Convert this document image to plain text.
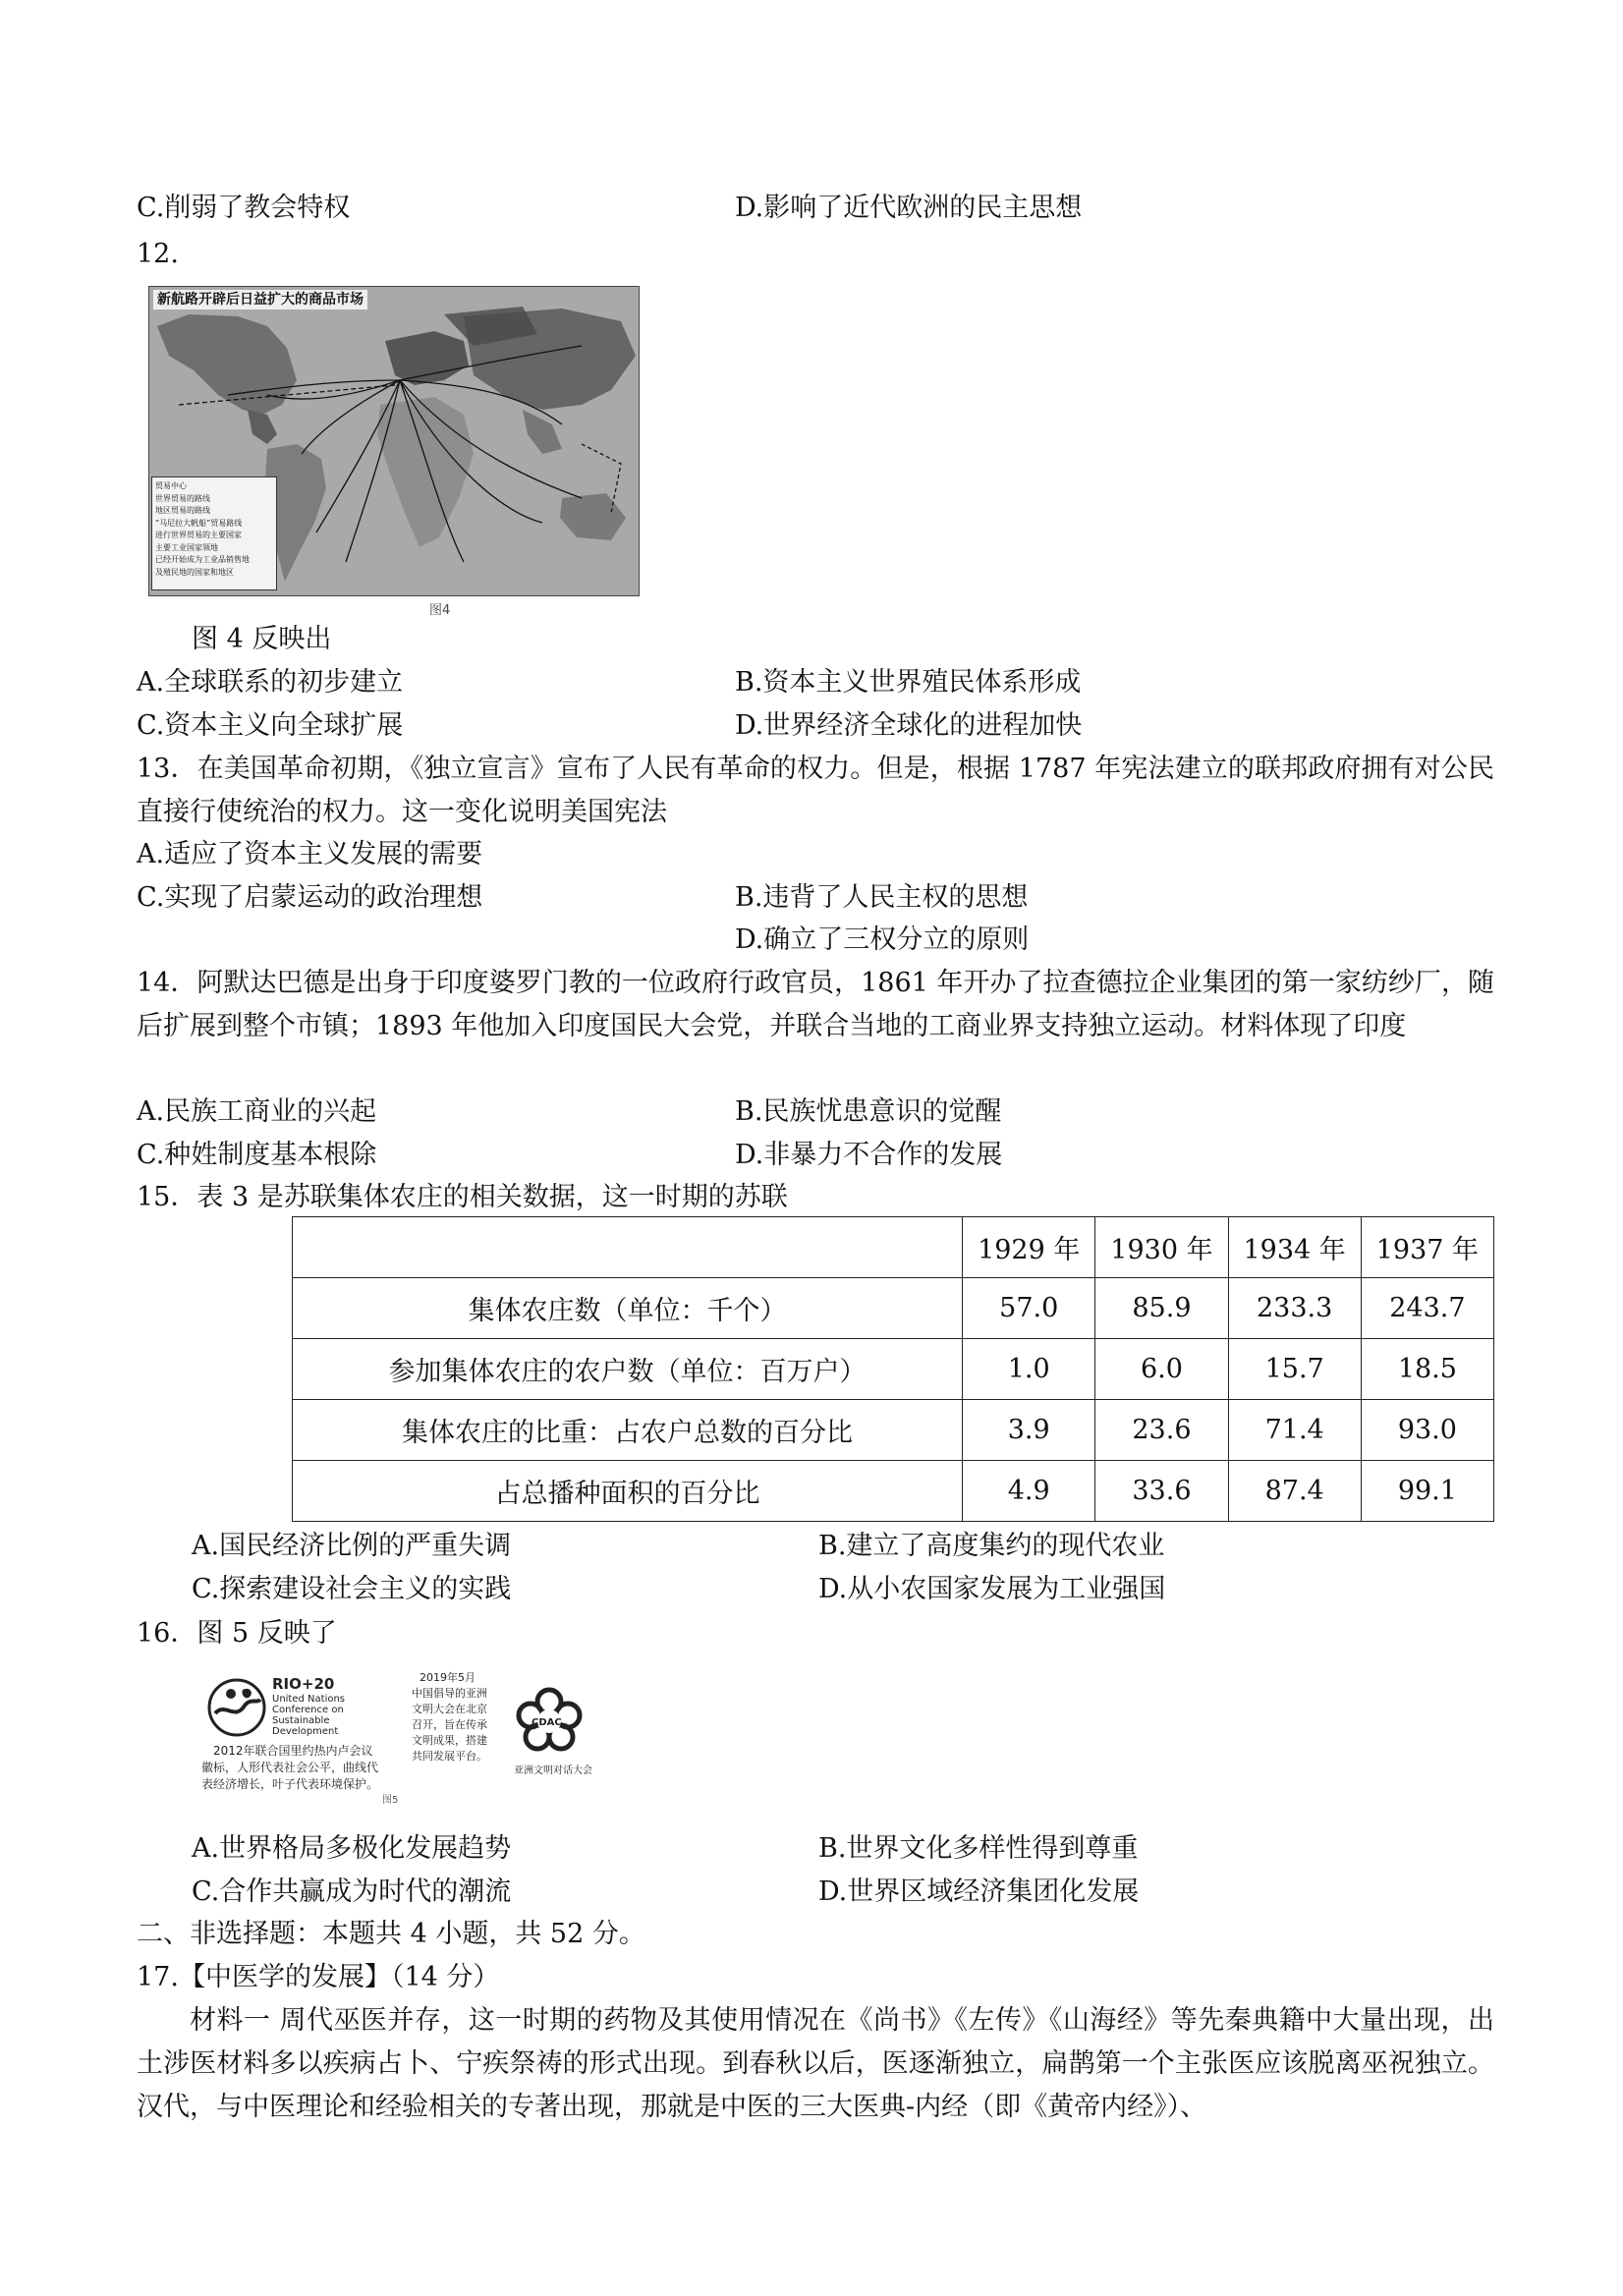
C.削弱了教会特权	D.影响了近代欧洲的民主思想
12.
新航路开辟后日益扩大的商品市场
贸易中心
世界贸易的路线
地区贸易的路线
“马尼拉大帆船”贸易路线
进行世界贸易的主要国家
主要工业国家领地
已经开始成为工业品销售地
及殖民地的国家和地区
图4
图 4 反映出
A.全球联系的初步建立	B.资本主义世界殖民体系形成
C.资本主义向全球扩展	D.世界经济全球化的进程加快
13．在美国革命初期，《独立宣言》宣布了人民有革命的权力。但是，根据 1787 年宪法建立的联邦政府拥有对公民直接行使统治的权力。这一变化说明美国宪法
A.适应了资本主义发展的需要
C.实现了启蒙运动的政治理想	B.违背了人民主权的思想
D.确立了三权分立的原则
14．阿默达巴德是出身于印度婆罗门教的一位政府行政官员，1861 年开办了拉查德拉企业集团的第一家纺纱厂，随后扩展到整个市镇；1893 年他加入印度国民大会党，并联合当地的工商业界支持独立运动。材料体现了印度
A.民族工商业的兴起	B.民族忧患意识的觉醒
C.种姓制度基本根除	D.非暴力不合作的发展
15．表 3 是苏联集体农庄的相关数据，这一时期的苏联
	1929 年	1930 年	1934 年	1937 年
集体农庄数（单位：千个）	57.0	85.9	233.3	243.7
参加集体农庄的农户数（单位：百万户）	1.0	6.0	15.7	18.5
集体农庄的比重：占农户总数的百分比	3.9	23.6	71.4	93.0
占总播种面积的百分比	4.9	33.6	87.4	99.1
A.国民经济比例的严重失调	B.建立了高度集约的现代农业
C.探索建设社会主义的实践	D.从小农国家发展为工业强国
16．图 5 反映了
RIO+20
United Nations
Conference on
Sustainable
Development
2012年联合国里约热内卢会议
徽标，人形代表社会公平，曲线代
表经济增长，叶子代表环境保护。
2019年5月
中国倡导的亚洲
文明大会在北京
召开，旨在传承
文明成果，搭建
共同发展平台。
CDAC
亚洲文明对话大会
图5
A.世界格局多极化发展趋势	B.世界文化多样性得到尊重
C.合作共赢成为时代的潮流	D.世界区域经济集团化发展
二、非选择题：本题共 4 小题，共 52 分。
17.【中医学的发展】（14 分）
材料一 周代巫医并存，这一时期的药物及其使用情况在《尚书》《左传》《山海经》等先秦典籍中大量出现，出土涉医材料多以疾病占卜、宁疾祭祷的形式出现。到春秋以后，医逐渐独立，扁鹊第一个主张医应该脱离巫祝独立。汉代，与中医理论和经验相关的专著出现，那就是中医的三大医典-内经（即《黄帝内经》）、
